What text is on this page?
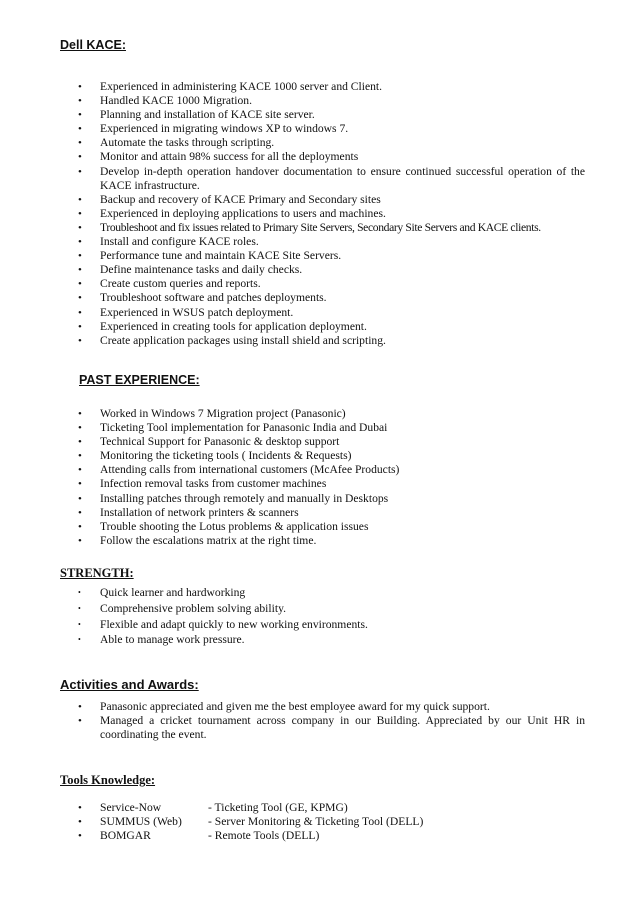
Dell KACE:
• Experienced in administering KACE 1000 server and Client.
• Handled KACE 1000 Migration.
• Planning and installation of KACE site server.
• Experienced in migrating windows XP to windows 7.
• Automate the tasks through scripting.
• Monitor and attain 98% success for all the deployments
• Develop in-depth operation handover documentation to ensure continued successful operation of the KACE infrastructure.
• Backup and recovery of KACE Primary and Secondary sites
• Experienced in deploying applications to users and machines.
• Troubleshoot and fix issues related to Primary Site Servers, Secondary Site Servers and KACE clients.
• Install and configure KACE roles.
• Performance tune and maintain KACE Site Servers.
• Define maintenance tasks and daily checks.
• Create custom queries and reports.
• Troubleshoot software and patches deployments.
• Experienced in WSUS patch deployment.
• Experienced in creating tools for application deployment.
• Create application packages using install shield and scripting.
PAST EXPERIENCE:
• Worked in Windows 7 Migration project (Panasonic)
• Ticketing Tool implementation for Panasonic India and Dubai
• Technical Support for Panasonic & desktop support
• Monitoring the ticketing tools ( Incidents & Requests)
• Attending calls from international customers (McAfee Products)
• Infection removal tasks from customer machines
• Installing patches through remotely and manually in Desktops
• Installation of network printers & scanners
• Trouble shooting the Lotus problems & application issues
• Follow the escalations matrix at the right time.
STRENGTH:
• Quick learner and hardworking
• Comprehensive problem solving ability.
• Flexible and adapt quickly to new working environments.
• Able to manage work pressure.
Activities and Awards:
• Panasonic appreciated and given me the best employee award for my quick support.
• Managed a cricket tournament across company in our Building. Appreciated by our Unit HR in coordinating the event.
Tools Knowledge:
• Service-Now	- Ticketing Tool (GE, KPMG)
• SUMMUS (Web) - Server Monitoring & Ticketing Tool (DELL)
• BOMGAR	- Remote Tools (DELL)
